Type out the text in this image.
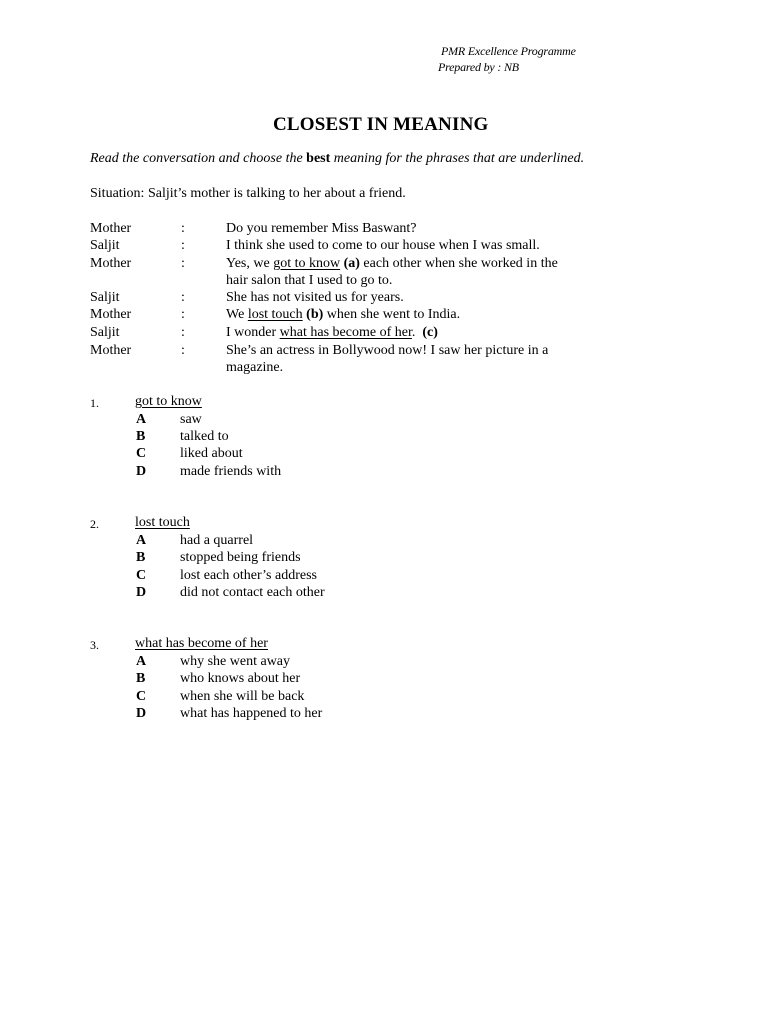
PMR Excellence Programme
Prepared by : NB
CLOSEST IN MEANING
Read the conversation and choose the best meaning for the phrases that are underlined.
Situation: Saljit’s mother is talking to her about a friend.
Mother	:	Do you remember Miss Baswant?
Saljit	:	I think she used to come to our house when I was small.
Mother	:	Yes, we got to know (a) each other when she worked in the
hair salon that I used to go to.
Saljit	:	She has not visited us for years.
Mother	:	We lost touch (b) when she went to India.
Saljit	:	I wonder what has become of her.  (c)
Mother	:	She’s an actress in Bollywood now! I saw her picture in a
magazine.
1.	got to know
A saw
B talked to
C liked about
D made friends with
2.	lost touch
A had a quarrel
B stopped being friends
C lost each other’s address
D did not contact each other
3.	what has become of her
A why she went away
B who knows about her
C when she will be back
D what has happened to her
